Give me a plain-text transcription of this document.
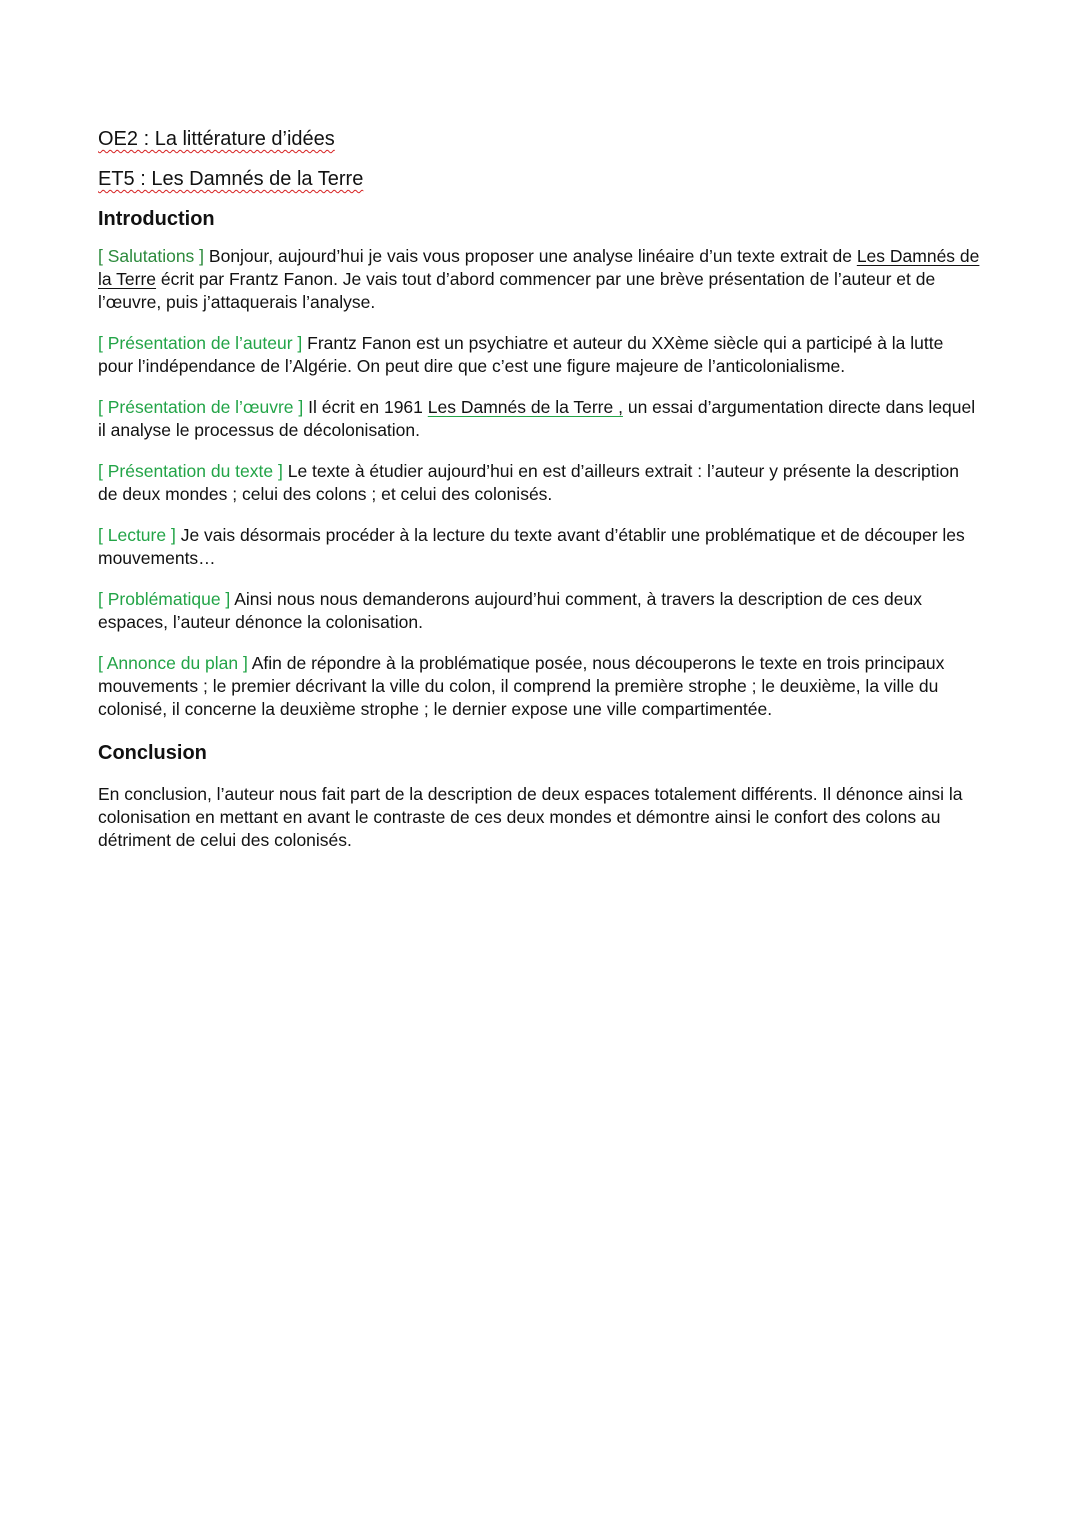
OE2 : La littérature d’idées
ET5 : Les Damnés de la Terre
Introduction

[ Salutations ] Bonjour, aujourd’hui je vais vous proposer une analyse linéaire d’un texte extrait de Les Damnés de la Terre écrit par Frantz Fanon. Je vais tout d’abord commencer par une brève présentation de l’auteur et de l’œuvre, puis j’attaquerais l’analyse.

[ Présentation de l’auteur ] Frantz Fanon est un psychiatre et auteur du XXème siècle qui a participé à la lutte pour l’indépendance de l’Algérie. On peut dire que c’est une figure majeure de l’anticolonialisme.

[ Présentation de l’œuvre ] Il écrit en 1961 Les Damnés de la Terre , un essai d’argumentation directe dans lequel il analyse le processus de décolonisation.

[ Présentation du texte ] Le texte à étudier aujourd’hui en est d’ailleurs extrait : l’auteur y présente la description de deux mondes ; celui des colons ; et celui des colonisés.

[ Lecture ] Je vais désormais procéder à la lecture du texte avant d’établir une problématique et de découper les mouvements…

[ Problématique ] Ainsi nous nous demanderons aujourd’hui comment, à travers la description de ces deux espaces, l’auteur dénonce la colonisation.

[ Annonce du plan ] Afin de répondre à la problématique posée, nous découperons le texte en trois principaux mouvements ; le premier décrivant la ville du colon, il comprend la première strophe ; le deuxième, la ville du colonisé, il concerne la deuxième strophe ; le dernier expose une ville compartimentée.

Conclusion

En conclusion, l’auteur nous fait part de la description de deux espaces totalement différents. Il dénonce ainsi la colonisation en mettant en avant le contraste de ces deux mondes et démontre ainsi le confort des colons au détriment de celui des colonisés.
